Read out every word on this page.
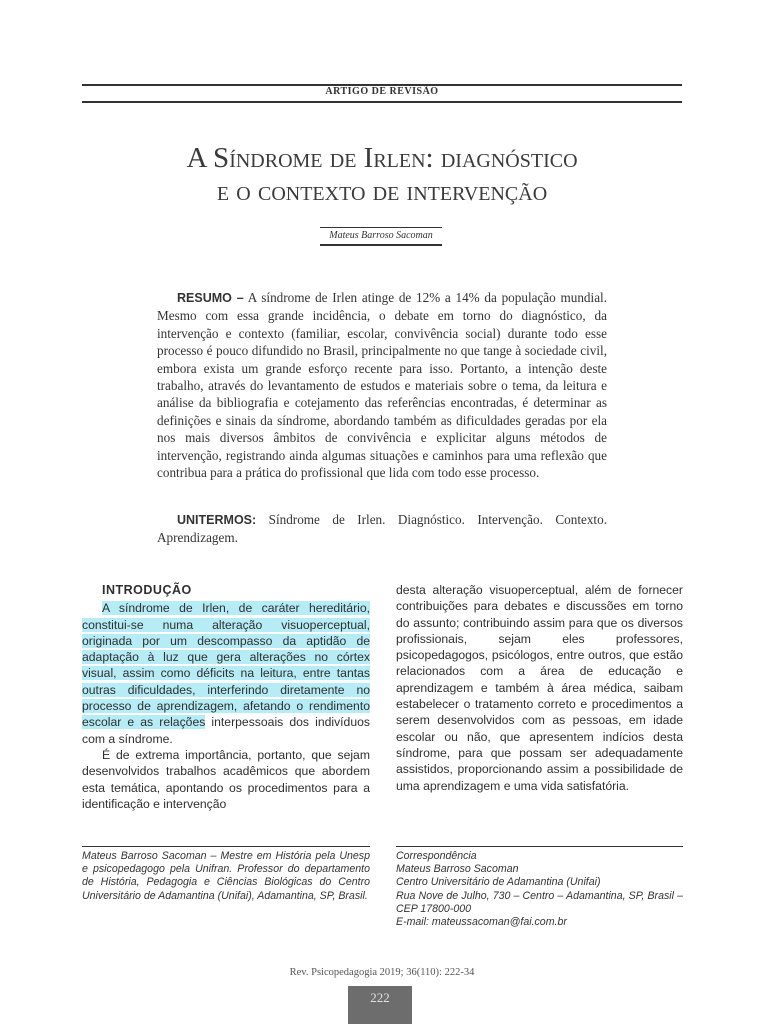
ARTIGO DE REVISÃO
A Síndrome de Irlen: diagnóstico
e o contexto de intervenção
Mateus Barroso Sacoman

RESUMO – A síndrome de Irlen atinge de 12% a 14% da população mundial. Mesmo com essa grande incidência, o debate em torno do diagnóstico, da intervenção e contexto (familiar, escolar, convivência social) durante todo esse processo é pouco difundido no Brasil, principalmente no que tange à sociedade civil, embora exista um grande esforço recente para isso. Portanto, a intenção deste trabalho, através do levantamento de estudos e materiais sobre o tema, da leitura e análise da bibliografia e cotejamento das referências encontradas, é determinar as definições e sinais da síndrome, abordando também as dificuldades geradas por ela nos mais diversos âmbitos de convivência e explicitar alguns métodos de intervenção, registrando ainda algumas situações e caminhos para uma reflexão que contribua para a prática do profissional que lida com todo esse processo.

UNITERMOS: Síndrome de Irlen. Diagnóstico. Intervenção. Contexto. Aprendizagem.

INTRODUÇÃO

A síndrome de Irlen, de caráter hereditário, constitui-se numa alteração visuoperceptual, originada por um descompasso da aptidão de adaptação à luz que gera alterações no córtex visual, assim como déficits na leitura, entre tantas outras dificuldades, interferindo diretamente no processo de aprendizagem, afetando o rendimento escolar e as relações interpessoais dos indivíduos com a síndrome.

É de extrema importância, portanto, que sejam desenvolvidos trabalhos acadêmicos que abordem esta temática, apontando os procedimentos para a identificação e intervenção

desta alteração visuoperceptual, além de fornecer contribuições para debates e discussões em torno do assunto; contribuindo assim para que os diversos profissionais, sejam eles professores, psicopedagogos, psicólogos, entre outros, que estão relacionados com a área de educação e aprendizagem e também à área médica, saibam estabelecer o tratamento correto e procedimentos a serem desenvolvidos com as pessoas, em idade escolar ou não, que apresentem indícios desta síndrome, para que possam ser adequadamente assistidos, proporcionando assim a possibilidade de uma aprendizagem e uma vida satisfatória.

Mateus Barroso Sacoman – Mestre em História pela Unesp e psicopedagogo pela Unifran. Professor do departamento de História, Pedagogia e Ciências Biológicas do Centro Universitário de Adamantina (Unifai), Adamantina, SP, Brasil.

Correspondência

Mateus Barroso Sacoman

Centro Universitário de Adamantina (Unifai)

Rua Nove de Julho, 730 – Centro – Adamantina, SP, Brasil – CEP 17800-000

E-mail: mateussacoman@fai.com.br

Rev. Psicopedagogia 2019; 36(110): 222-34
222
